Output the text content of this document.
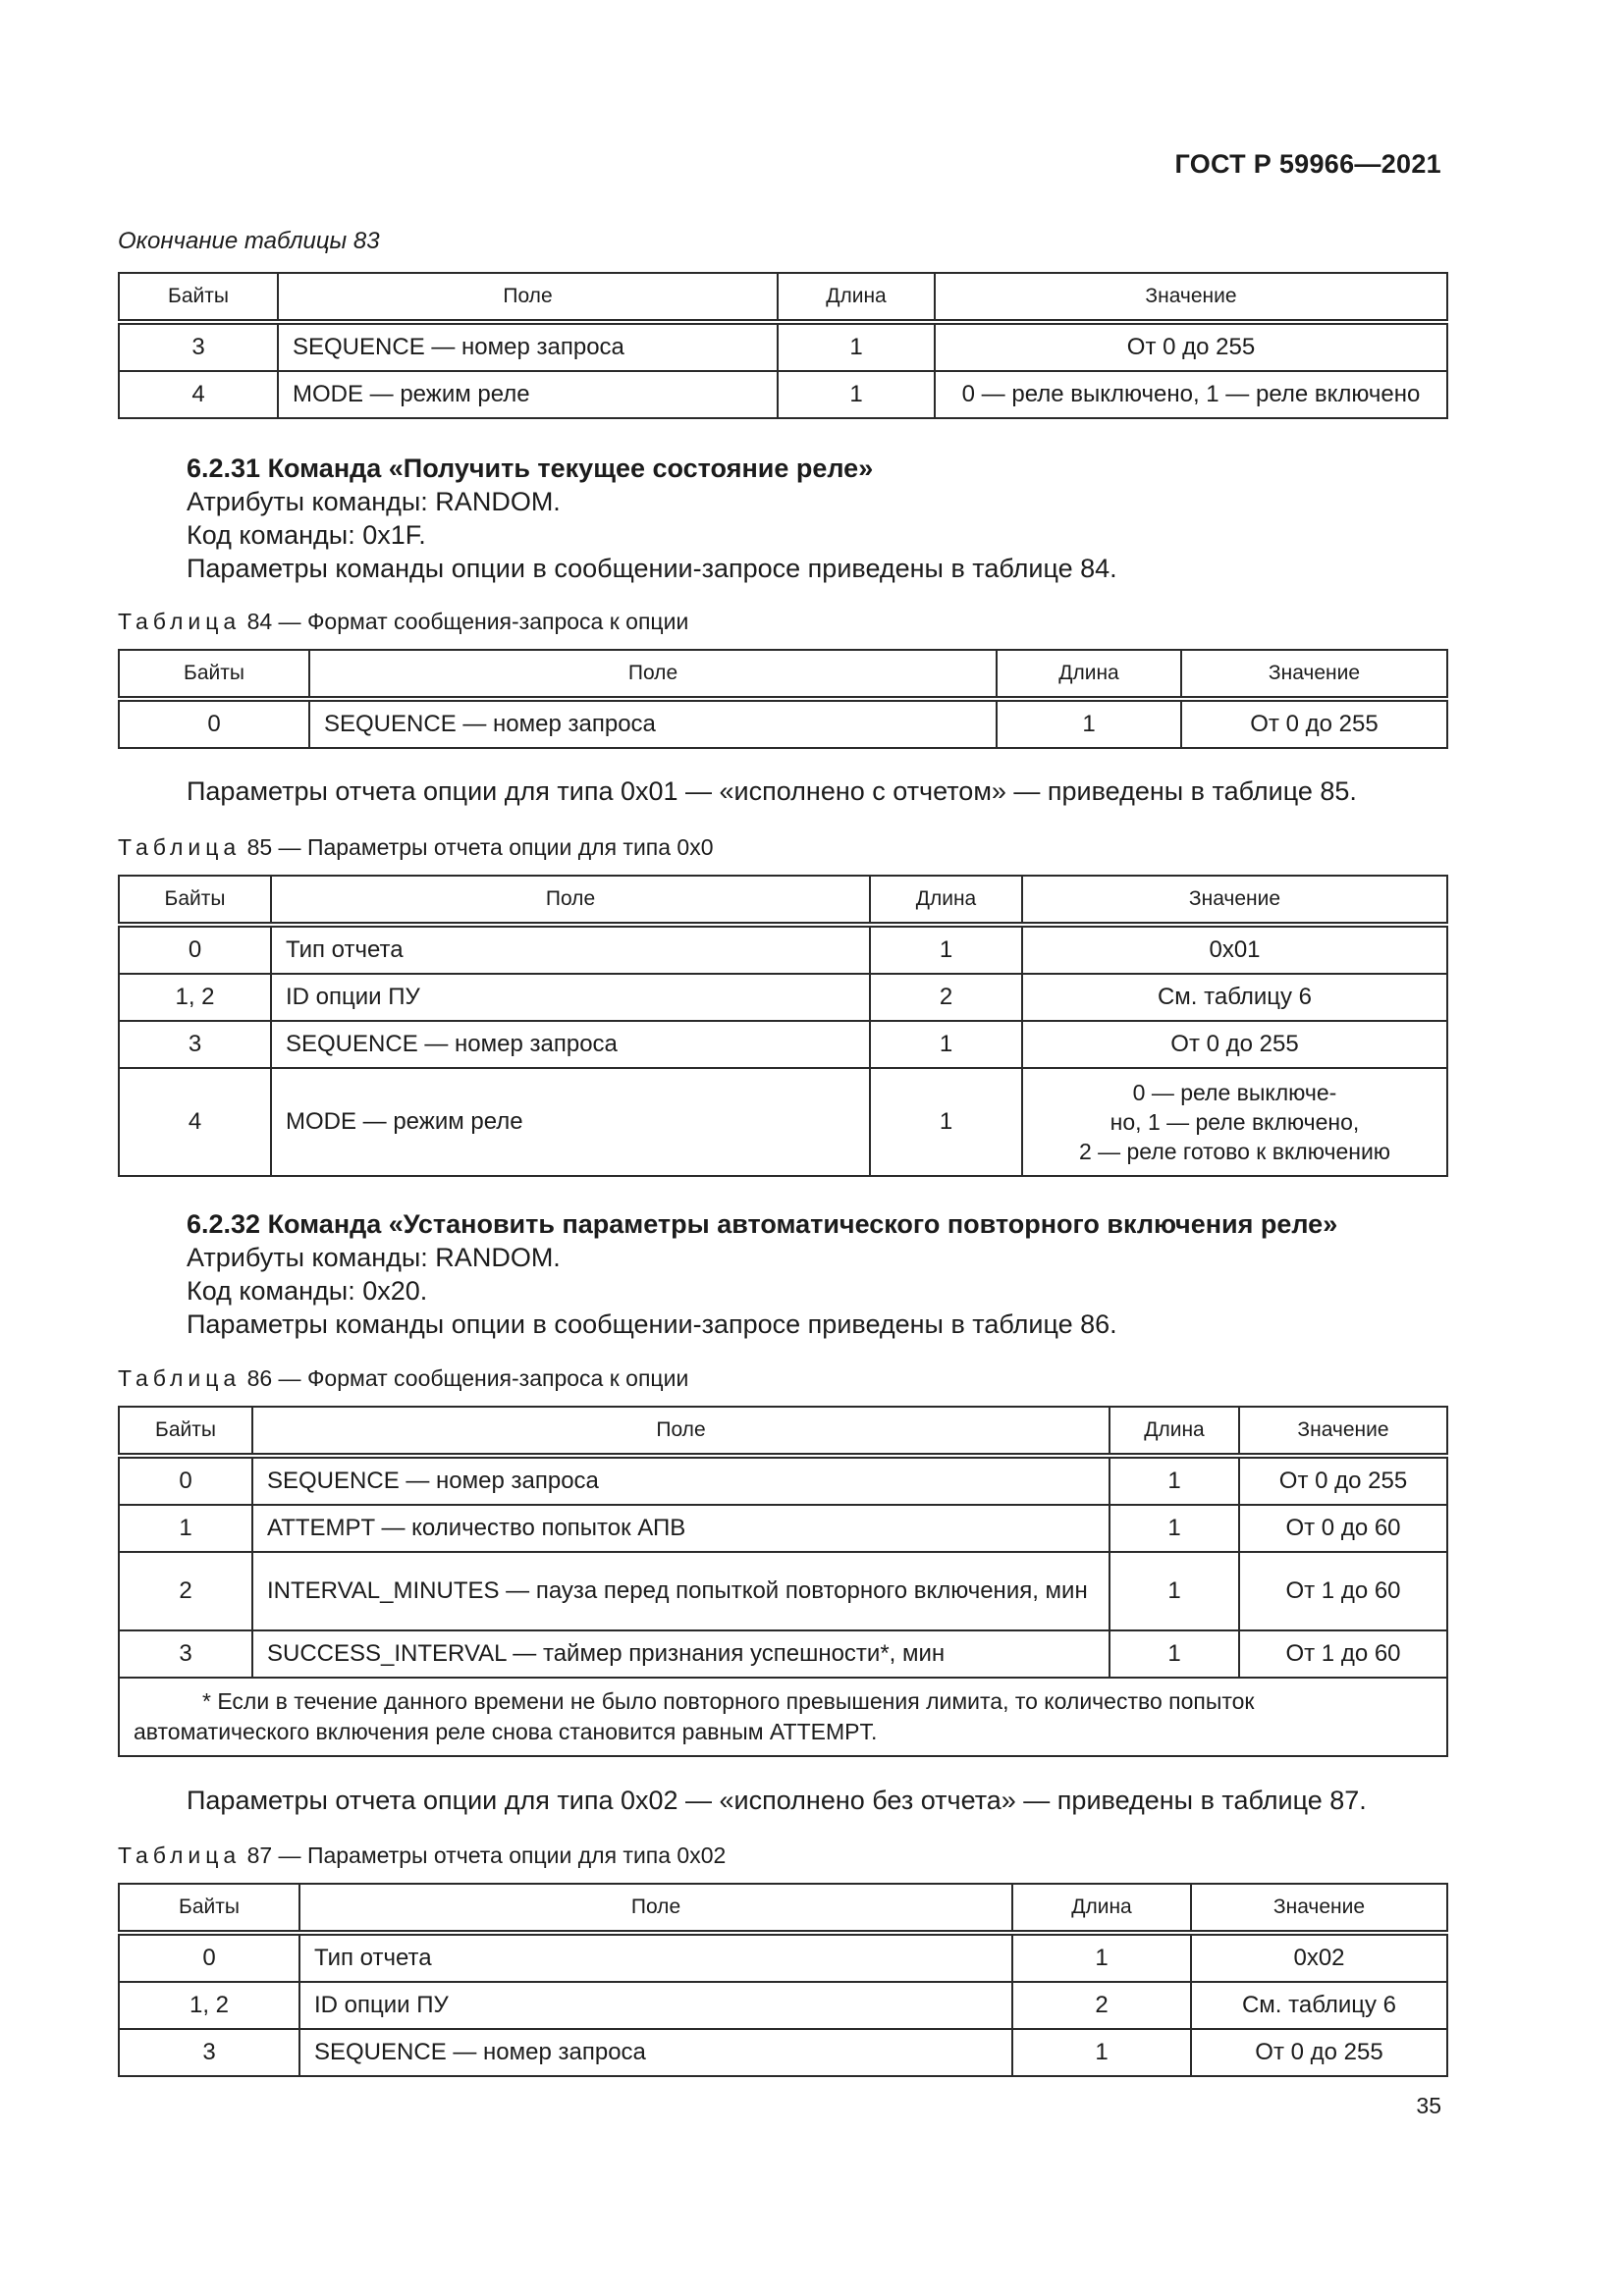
ГОСТ Р 59966—2021
Окончание таблицы 83
Байты	Поле	Длина	Значение
3	SEQUENCE — номер запроса	1	От 0 до 255
4	MODE — режим реле	1	0 — реле выключено, 1 — реле включено
6.2.31 Команда «Получить текущее состояние реле»
Атрибуты команды: RANDOM.
Код команды: 0x1F.
Параметры команды опции в сообщении-запросе приведены в таблице 84.
Таблица 84 — Формат сообщения-запроса к опции
Байты	Поле	Длина	Значение
0	SEQUENCE — номер запроса	1	От 0 до 255
Параметры отчета опции для типа 0x01 — «исполнено с отчетом» — приведены в таблице 85.
Таблица 85 — Параметры отчета опции для типа 0x0
Байты	Поле	Длина	Значение
0	Тип отчета	1	0x01
1, 2	ID опции ПУ	2	См. таблицу 6
3	SEQUENCE — номер запроса	1	От 0 до 255
4	MODE — режим реле	1	0 — реле выключе-
но, 1 — реле включено,
2 — реле готово к включению
6.2.32 Команда «Установить параметры автоматического повторного включения реле»
Атрибуты команды: RANDOM.
Код команды: 0x20.
Параметры команды опции в сообщении-запросе приведены в таблице 86.
Таблица 86 — Формат сообщения-запроса к опции
Байты	Поле	Длина	Значение
0	SEQUENCE — номер запроса	1	От 0 до 255
1	ATTEMPT — количество попыток АПВ	1	От 0 до 60
2	INTERVAL_MINUTES — пауза перед попыткой повторного включения, мин	1	От 1 до 60
3	SUCCESS_INTERVAL — таймер признания успешности*, мин	1	От 1 до 60
* Если в течение данного времени не было повторного превышения лимита, то количество попыток автоматического включения реле снова становится равным ATTEMPT.			
Параметры отчета опции для типа 0x02 — «исполнено без отчета» — приведены в таблице 87.
Таблица 87 — Параметры отчета опции для типа 0x02
Байты	Поле	Длина	Значение
0	Тип отчета	1	0x02
1, 2	ID опции ПУ	2	См. таблицу 6
3	SEQUENCE — номер запроса	1	От 0 до 255
35
